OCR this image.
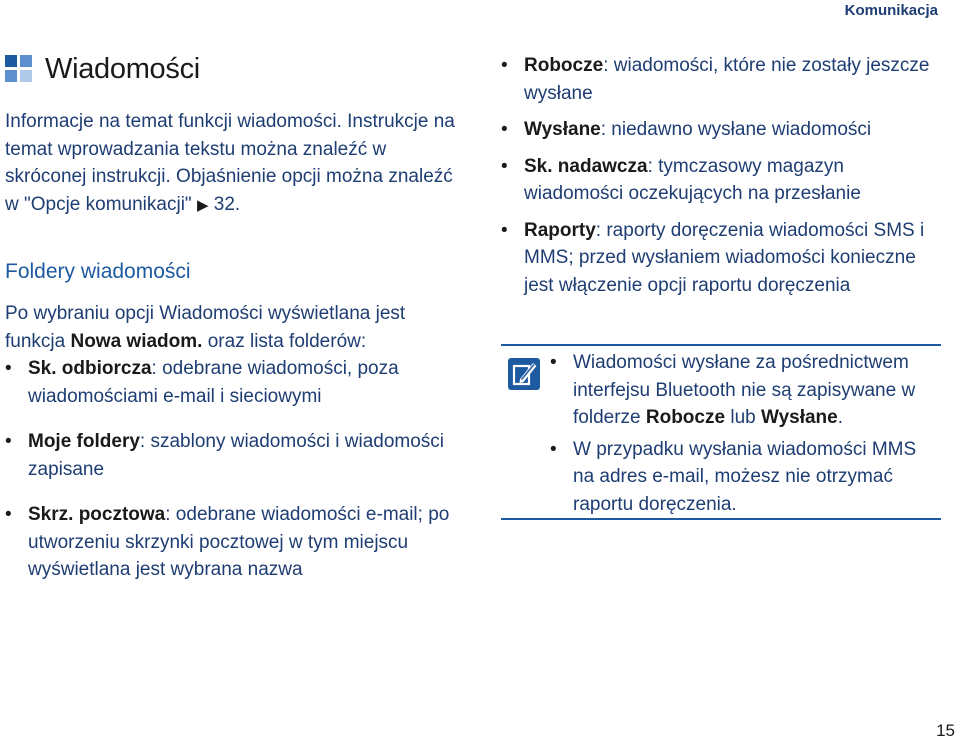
Komunikacja
Wiadomości
Informacje na temat funkcji wiadomości. Instrukcje na temat wprowadzania tekstu można znaleźć w skróconej instrukcji. Objaśnienie opcji można znaleźć w "Opcje komunikacji" ▶ 32.
Foldery wiadomości
Po wybraniu opcji Wiadomości wyświetlana jest funkcja Nowa wiadom. oraz lista folderów:
• Sk. odbiorcza: odebrane wiadomości, poza wiadomościami e-mail i sieciowymi
• Moje foldery: szablony wiadomości i wiadomości zapisane
• Skrz. pocztowa: odebrane wiadomości e-mail; po utworzeniu skrzynki pocztowej w tym miejscu wyświetlana jest wybrana nazwa
• Robocze: wiadomości, które nie zostały jeszcze wysłane
• Wysłane: niedawno wysłane wiadomości
• Sk. nadawcza: tymczasowy magazyn wiadomości oczekujących na przesłanie
• Raporty: raporty doręczenia wiadomości SMS i MMS; przed wysłaniem wiadomości konieczne jest włączenie opcji raportu doręczenia
• Wiadomości wysłane za pośrednictwem interfejsu Bluetooth nie są zapisywane w folderze Robocze lub Wysłane.
• W przypadku wysłania wiadomości MMS na adres e-mail, możesz nie otrzymać raportu doręczenia.
15
